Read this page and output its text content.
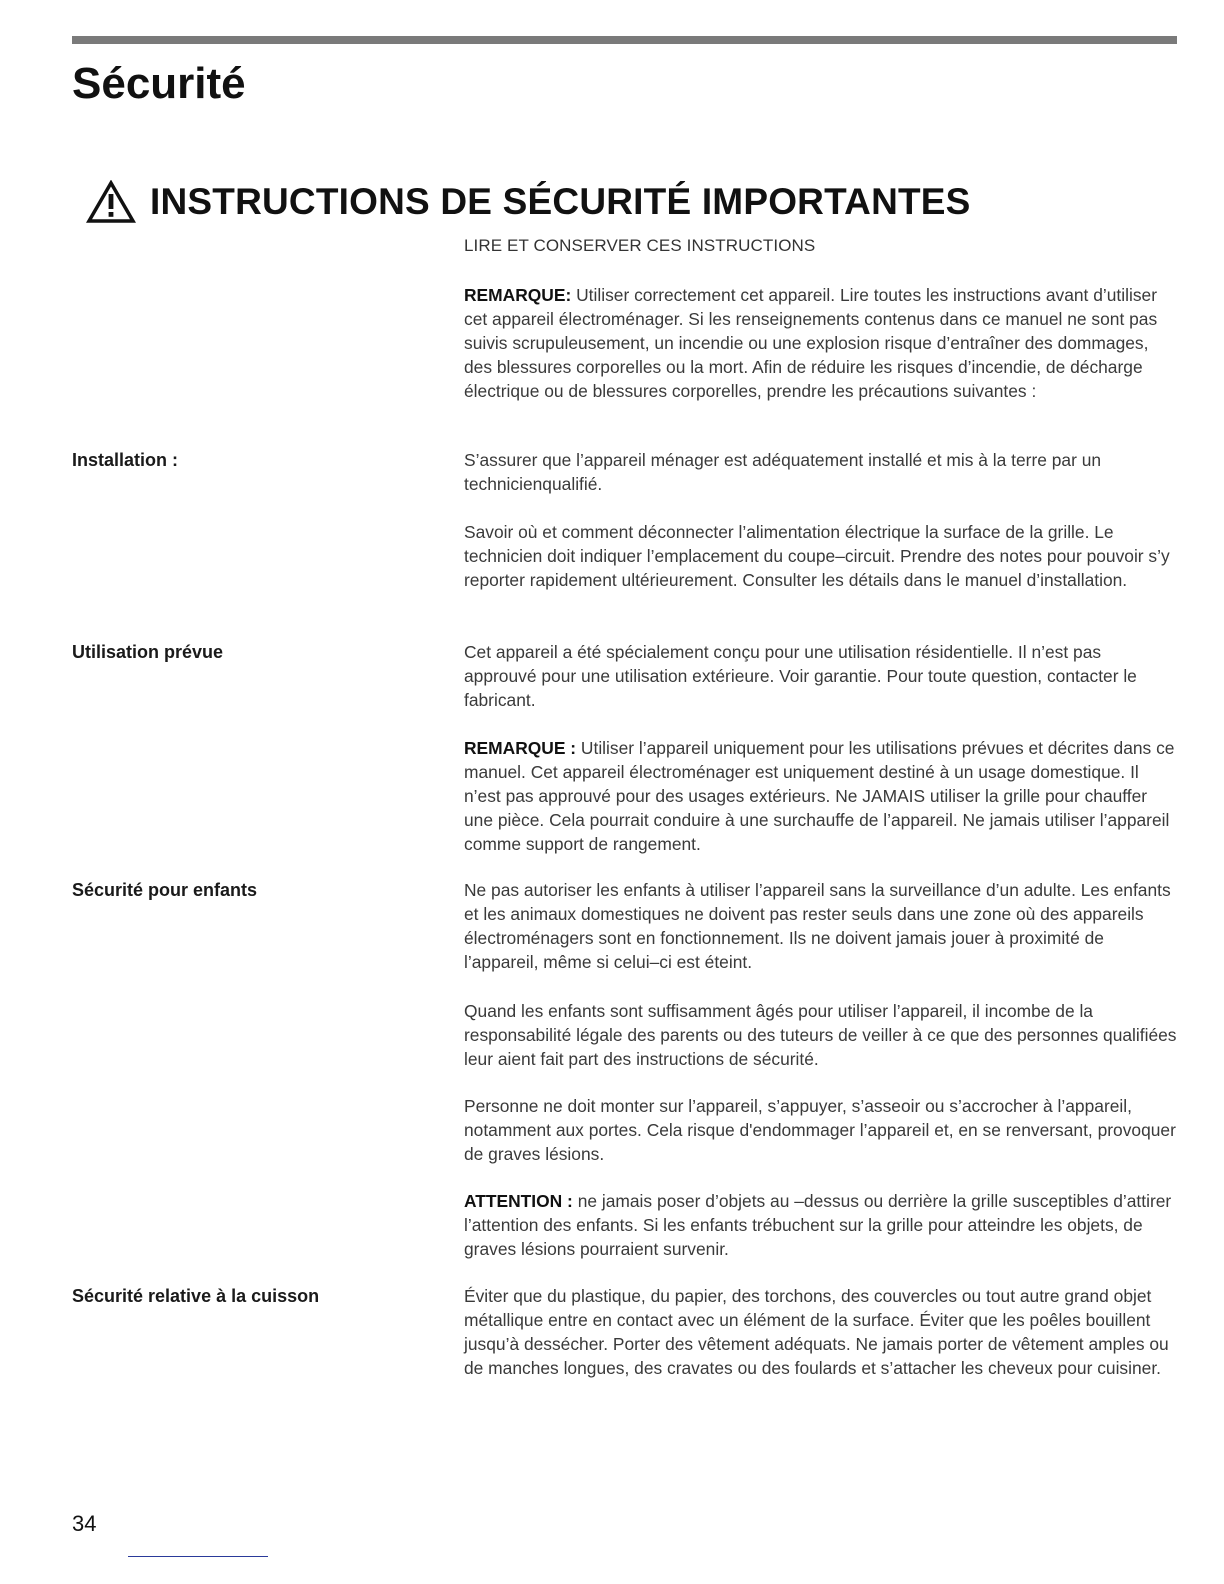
Sécurité
INSTRUCTIONS DE SÉCURITÉ IMPORTANTES

LIRE ET CONSERVER CES INSTRUCTIONS

REMARQUE: Utiliser correctement cet appareil. Lire toutes les instructions avant d’utiliser cet appareil électroménager. Si les renseignements contenus dans ce manuel ne sont pas suivis scrupuleusement, un incendie ou une explosion risque d’entraîner des dommages, des blessures corporelles ou la mort. Afin de réduire les risques d’incendie, de décharge électrique ou de blessures corporelles, prendre les précautions suivantes :

Installation :	S’assurer que l’appareil ménager est adéquatement installé et mis à la terre par un technicienqualifié.

Savoir où et comment déconnecter l’alimentation électrique la surface de la grille. Le technicien doit indiquer l’emplacement du coupe–circuit. Prendre des notes pour pouvoir s’y reporter rapidement ultérieurement. Consulter les détails dans le manuel d’installation.

Utilisation prévue	Cet appareil a été spécialement conçu pour une utilisation résidentielle. Il n’est pas approuvé pour une utilisation extérieure. Voir garantie. Pour toute question, contacter le fabricant.

REMARQUE : Utiliser l’appareil uniquement pour les utilisations prévues et décrites dans ce manuel. Cet appareil électroménager est uniquement destiné à un usage domestique. Il n’est pas approuvé pour des usages extérieurs. Ne JAMAIS utiliser la grille pour chauffer une pièce. Cela pourrait conduire à une surchauffe de l’appareil. Ne jamais utiliser l’appareil comme support de rangement.

Sécurité pour enfants	Ne pas autoriser les enfants à utiliser l’appareil sans la surveillance d’un adulte. Les enfants et les animaux domestiques ne doivent pas rester seuls dans une zone où des appareils électroménagers sont en fonctionnement. Ils ne doivent jamais jouer à proximité de l’appareil, même si celui–ci est éteint.

Quand les enfants sont suffisamment âgés pour utiliser l’appareil, il incombe de la responsabilité légale des parents ou des tuteurs de veiller à ce que des personnes qualifiées leur aient fait part des instructions de sécurité.

Personne ne doit monter sur l’appareil, s’appuyer, s’asseoir ou s’accrocher à l’appareil, notamment aux portes. Cela risque d'endommager l’appareil et, en se renversant, provoquer de graves lésions.

ATTENTION : ne jamais poser d’objets au –dessus ou derrière la grille susceptibles d’attirer l’attention des enfants. Si les enfants trébuchent sur la grille pour atteindre les objets, de graves lésions pourraient survenir.

Sécurité relative à la cuisson	Éviter que du plastique, du papier, des torchons, des couvercles ou tout autre grand objet métallique entre en contact avec un élément de la surface. Éviter que les poêles bouillent jusqu’à dessécher. Porter des vêtement adéquats. Ne jamais porter de vêtement amples ou de manches longues, des cravates ou des foulards et s’attacher les cheveux pour cuisiner.

34
